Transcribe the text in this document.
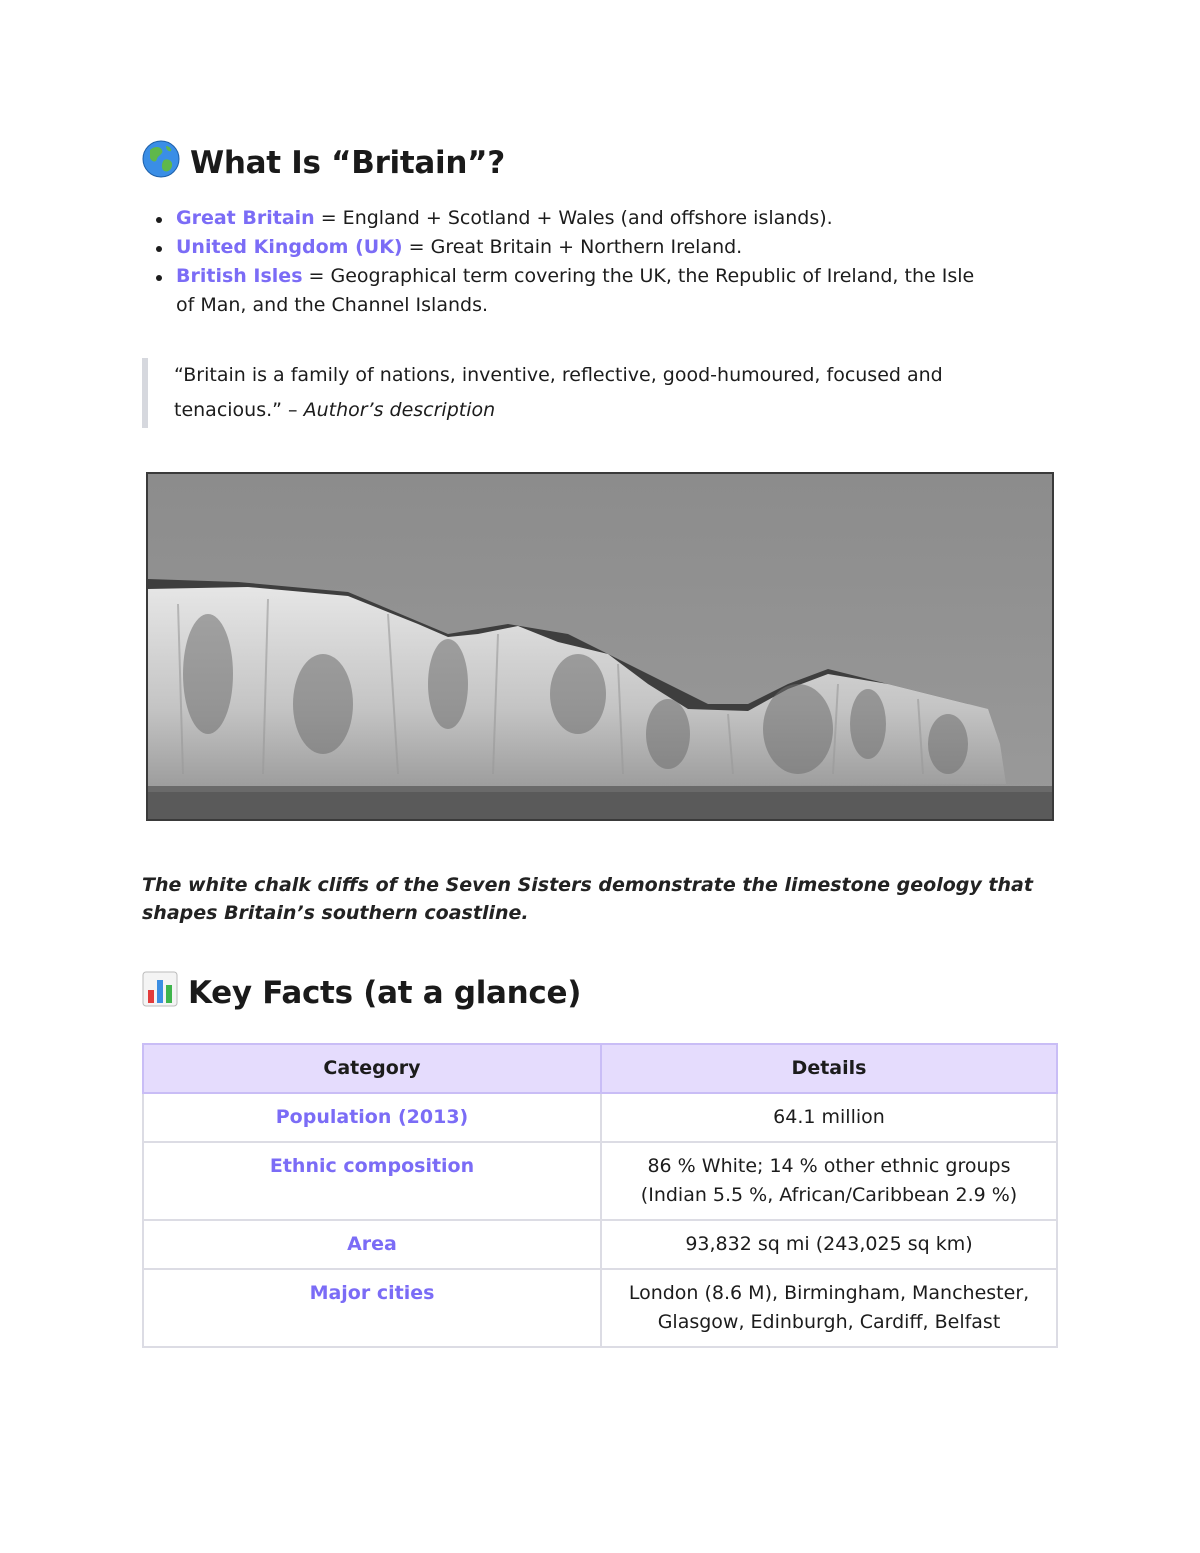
What Is “Britain”?
Great Britain = England + Scotland + Wales (and offshore islands).
United Kingdom (UK) = Great Britain + Northern Ireland.
British Isles = Geographical term covering the UK, the Republic of Ireland, the Isle of Man, and the Channel Islands.
“Britain is a family of nations, inventive, reflective, good-humoured, focused and tenacious.” – Author’s description
The white chalk cliffs of the Seven Sisters demonstrate the limestone geology that shapes Britain’s southern coastline.
Key Facts (at a glance)
Category	Details
Population (2013)	64.1 million
Ethnic composition	86 % White; 14 % other ethnic groups
(Indian 5.5 %, African/Caribbean 2.9 %)
Area	93,832 sq mi (243,025 sq km)
Major cities	London (8.6 M), Birmingham, Manchester,
Glasgow, Edinburgh, Cardiff, Belfast
